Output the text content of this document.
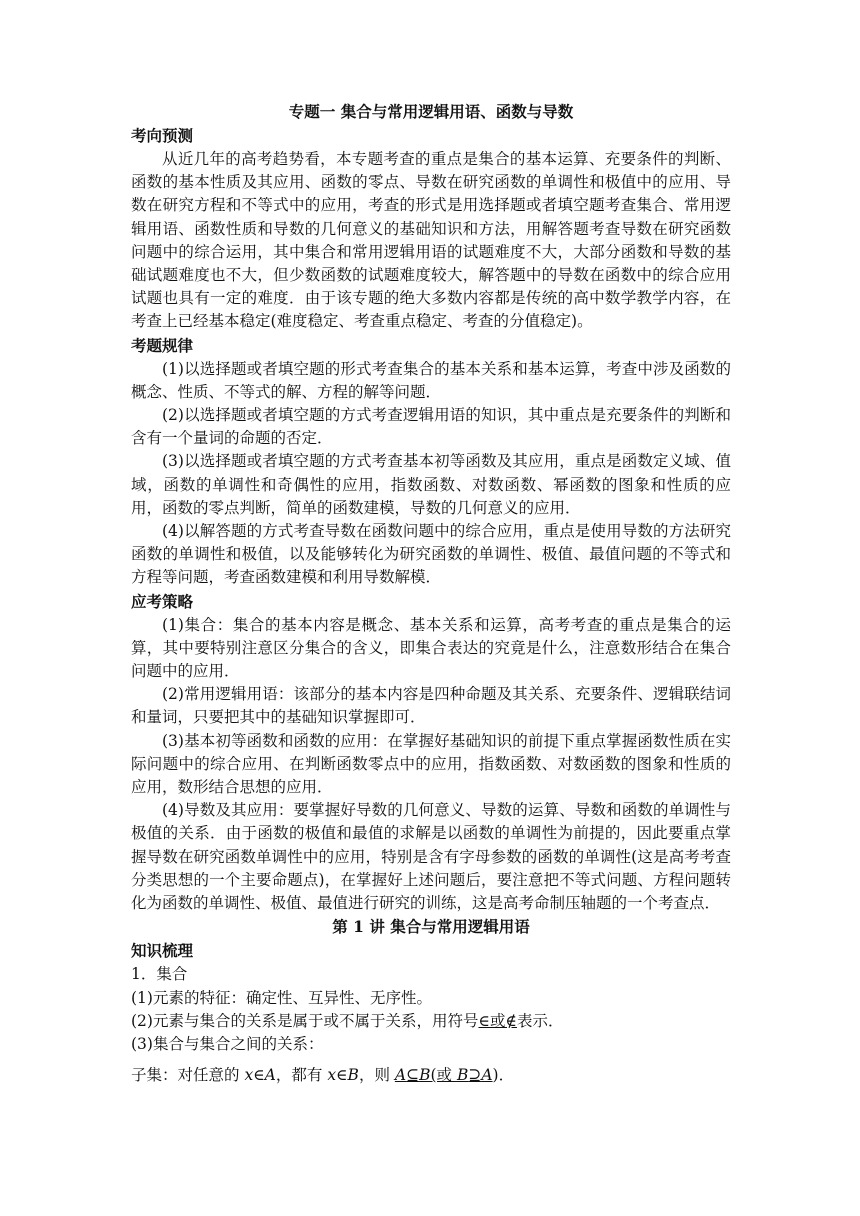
专题一 集合与常用逻辑用语、函数与导数

考向预测

从近几年的高考趋势看，本专题考查的重点是集合的基本运算、充要条件的判断、函数的基本性质及其应用、函数的零点、导数在研究函数的单调性和极值中的应用、导数在研究方程和不等式中的应用，考查的形式是用选择题或者填空题考查集合、常用逻辑用语、函数性质和导数的几何意义的基础知识和方法，用解答题考查导数在研究函数问题中的综合运用，其中集合和常用逻辑用语的试题难度不大，大部分函数和导数的基础试题难度也不大，但少数函数的试题难度较大，解答题中的导数在函数中的综合应用试题也具有一定的难度．由于该专题的绝大多数内容都是传统的高中数学教学内容，在考查上已经基本稳定(难度稳定、考查重点稳定、考查的分值稳定)。

考题规律

(1)以选择题或者填空题的形式考查集合的基本关系和基本运算，考查中涉及函数的概念、性质、不等式的解、方程的解等问题．

(2)以选择题或者填空题的方式考查逻辑用语的知识，其中重点是充要条件的判断和含有一个量词的命题的否定．

(3)以选择题或者填空题的方式考查基本初等函数及其应用，重点是函数定义域、值域，函数的单调性和奇偶性的应用，指数函数、对数函数、幂函数的图象和性质的应用，函数的零点判断，简单的函数建模，导数的几何意义的应用．

(4)以解答题的方式考查导数在函数问题中的综合应用，重点是使用导数的方法研究函数的单调性和极值，以及能够转化为研究函数的单调性、极值、最值问题的不等式和方程等问题，考查函数建模和利用导数解模．

应考策略

(1)集合：集合的基本内容是概念、基本关系和运算，高考考查的重点是集合的运算，其中要特别注意区分集合的含义，即集合表达的究竟是什么，注意数形结合在集合问题中的应用．

(2)常用逻辑用语：该部分的基本内容是四种命题及其关系、充要条件、逻辑联结词和量词，只要把其中的基础知识掌握即可．

(3)基本初等函数和函数的应用：在掌握好基础知识的前提下重点掌握函数性质在实际问题中的综合应用、在判断函数零点中的应用，指数函数、对数函数的图象和性质的应用，数形结合思想的应用．

(4)导数及其应用：要掌握好导数的几何意义、导数的运算、导数和函数的单调性与极值的关系．由于函数的极值和最值的求解是以函数的单调性为前提的，因此要重点掌握导数在研究函数单调性中的应用，特别是含有字母参数的函数的单调性(这是高考考查分类思想的一个主要命题点)，在掌握好上述问题后，要注意把不等式问题、方程问题转化为函数的单调性、极值、最值进行研究的训练，这是高考命制压轴题的一个考查点．

第 1 讲 集合与常用逻辑用语

知识梳理

1．集合

(1)元素的特征：确定性、互异性、无序性。

(2)元素与集合的关系是属于或不属于关系，用符号∈或∉表示．

(3)集合与集合之间的关系：

子集：对任意的 x∈A，都有 x∈B，则 A⊆B(或 B⊇A)．
